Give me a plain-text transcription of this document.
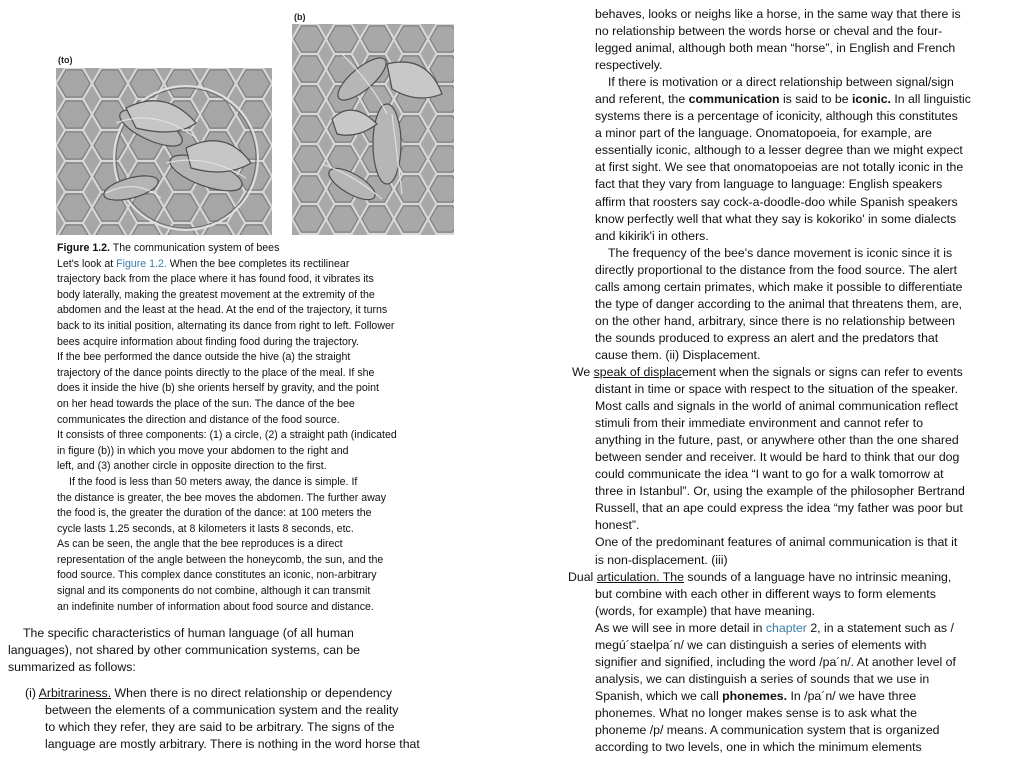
(b)
(to)
Figure 1.2. The communication system of bees
Let's look at Figure 1.2. When the bee completes its rectilinear
trajectory back from the place where it has found food, it vibrates its
body laterally, making the greatest movement at the extremity of the
abdomen and the least at the head. At the end of the trajectory, it turns
back to its initial position, alternating its dance from right to left. Follower
bees acquire information about finding food during the trajectory.
If the bee performed the dance outside the hive (a) the straight
trajectory of the dance points directly to the place of the meal. If she
does it inside the hive (b) she orients herself by gravity, and the point
on her head towards the place of the sun. The dance of the bee
communicates the direction and distance of the food source.
It consists of three components: (1) a circle, (2) a straight path (indicated
in figure (b)) in which you move your abdomen to the right and
left, and (3) another circle in opposite direction to the first.
If the food is less than 50 meters away, the dance is simple. If
the distance is greater, the bee moves the abdomen. The further away
the food is, the greater the duration of the dance: at 100 meters the
cycle lasts 1.25 seconds, at 8 kilometers it lasts 8 seconds, etc.
As can be seen, the angle that the bee reproduces is a direct
representation of the angle between the honeycomb, the sun, and the
food source. This complex dance constitutes an iconic, non-arbitrary
signal and its components do not combine, although it can transmit
an indefinite number of information about food source and distance.
The specific characteristics of human language (of all human
languages), not shared by other communication systems, can be
summarized as follows:
(i) Arbitrariness. When there is no direct relationship or dependency
between the elements of a communication system and the reality
to which they refer, they are said to be arbitrary. The signs of the
language are mostly arbitrary. There is nothing in the word horse that
behaves, looks or neighs like a horse, in the same way that there is
no relationship between the words horse or cheval and the four-
legged animal, although both mean “horse”, in English and French
respectively.
If there is motivation or a direct relationship between signal/sign
and referent, the communication is said to be iconic. In all linguistic
systems there is a percentage of iconicity, although this constitutes
a minor part of the language. Onomatopoeia, for example, are
essentially iconic, although to a lesser degree than we might expect
at first sight. We see that onomatopoeias are not totally iconic in the
fact that they vary from language to language: English speakers
affirm that roosters say cock-a-doodle-doo while Spanish speakers
know perfectly well that what they say is kokoriko' in some dialects
and kikirik'i in others.
The frequency of the bee's dance movement is iconic since it is
directly proportional to the distance from the food source. The alert
calls among certain primates, which make it possible to differentiate
the type of danger according to the animal that threatens them, are,
on the other hand, arbitrary, since there is no relationship between
the sounds produced to express an alert and the predators that
cause them. (ii) Displacement.
We speak of displacement when the signals or signs can refer to events
distant in time or space with respect to the situation of the speaker.
Most calls and signals in the world of animal communication reflect
stimuli from their immediate environment and cannot refer to
anything in the future, past, or anywhere other than the one shared
between sender and receiver. It would be hard to think that our dog
could communicate the idea “I want to go for a walk tomorrow at
three in Istanbul”. Or, using the example of the philosopher Bertrand
Russell, that an ape could express the idea “my father was poor but
honest”.
One of the predominant features of animal communication is that it
is non-displacement. (iii)
Dual articulation. The sounds of a language have no intrinsic meaning,
but combine with each other in different ways to form elements
(words, for example) that have meaning.
As we will see in more detail in chapter 2, in a statement such as /
megú´staelpa´n/ we can distinguish a series of elements with
signifier and signified, including the word /pa´n/. At another level of
analysis, we can distinguish a series of sounds that we use in
Spanish, which we call phonemes. In /pa´n/ we have three
phonemes. What no longer makes sense is to ask what the
phoneme /p/ means. A communication system that is organized
according to two levels, one in which the minimum elements
